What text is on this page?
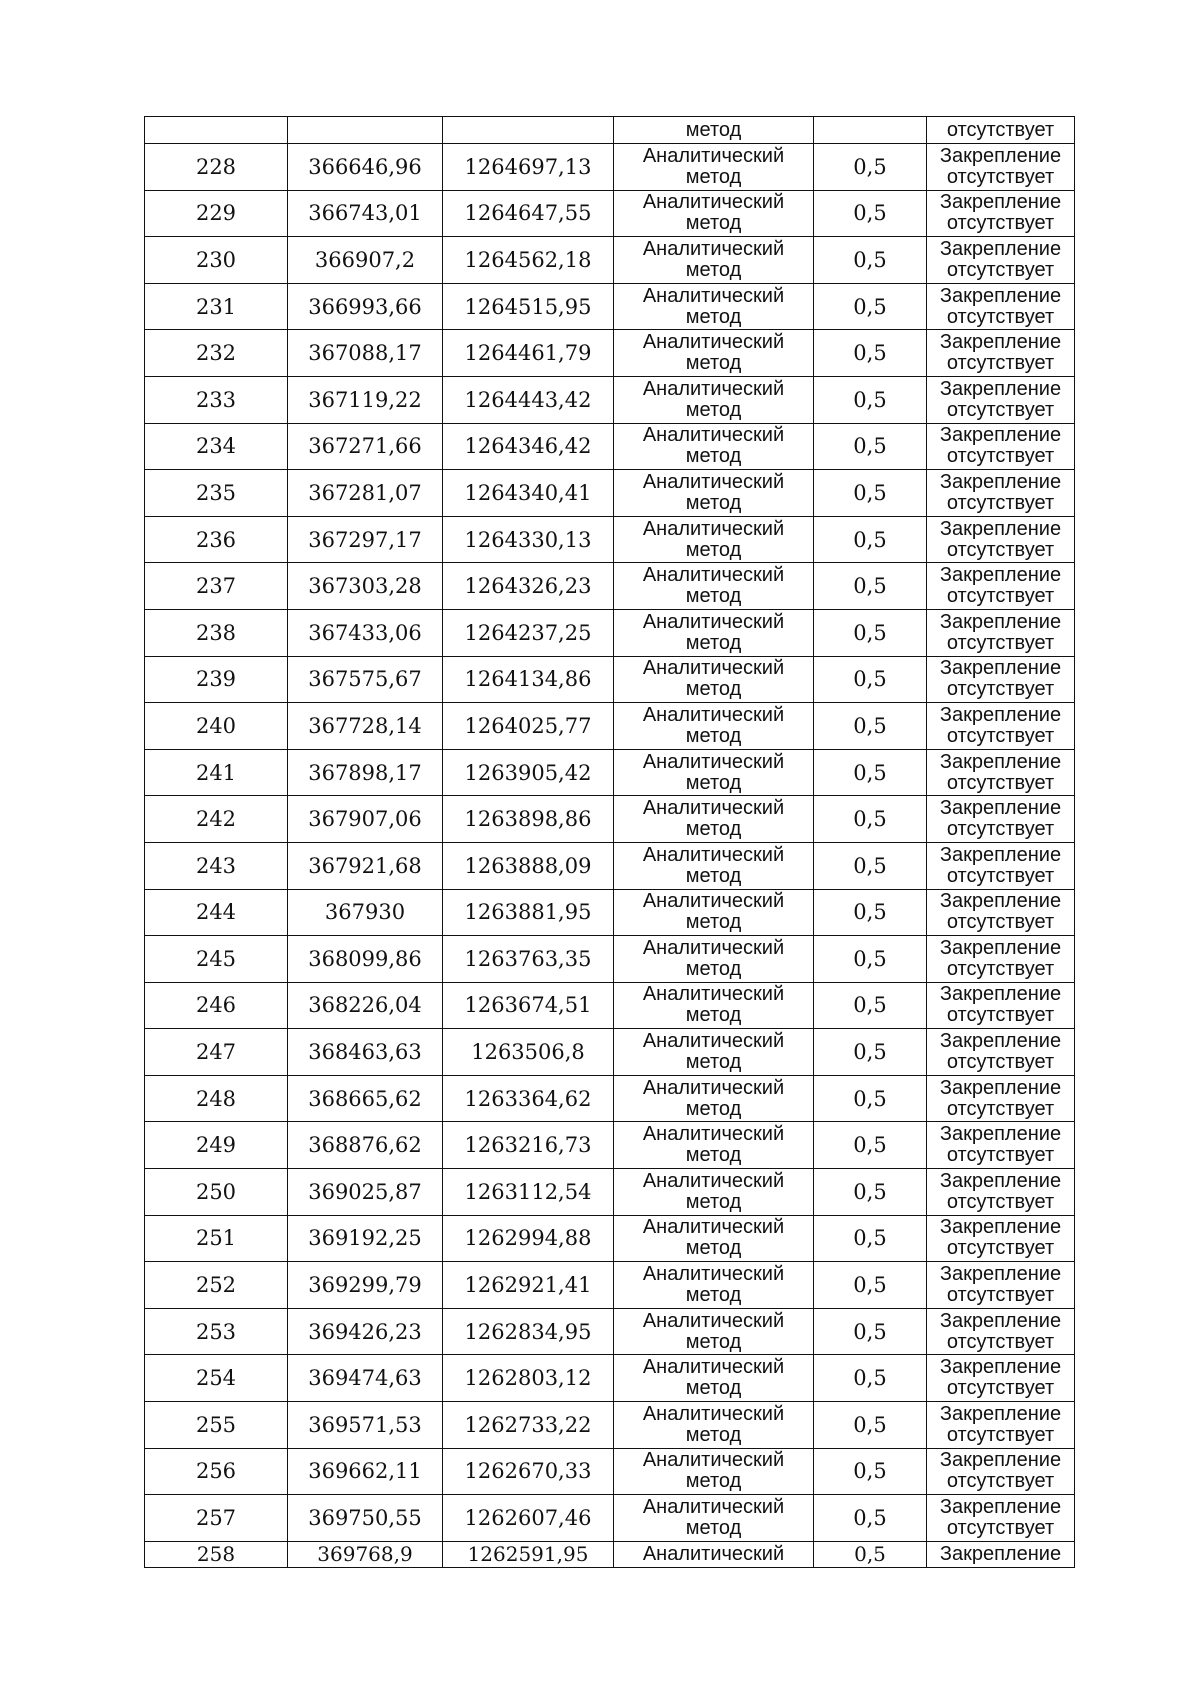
			метод		отсутствует
228	366646,96	1264697,13	Аналитический
метод	0,5	Закрепление
отсутствует

229	366743,01	1264647,55	Аналитический
метод	0,5	Закрепление
отсутствует

230	366907,2	1264562,18	Аналитический
метод	0,5	Закрепление
отсутствует

231	366993,66	1264515,95	Аналитический
метод	0,5	Закрепление
отсутствует

232	367088,17	1264461,79	Аналитический
метод	0,5	Закрепление
отсутствует

233	367119,22	1264443,42	Аналитический
метод	0,5	Закрепление
отсутствует

234	367271,66	1264346,42	Аналитический
метод	0,5	Закрепление
отсутствует

235	367281,07	1264340,41	Аналитический
метод	0,5	Закрепление
отсутствует

236	367297,17	1264330,13	Аналитический
метод	0,5	Закрепление
отсутствует

237	367303,28	1264326,23	Аналитический
метод	0,5	Закрепление
отсутствует

238	367433,06	1264237,25	Аналитический
метод	0,5	Закрепление
отсутствует

239	367575,67	1264134,86	Аналитический
метод	0,5	Закрепление
отсутствует

240	367728,14	1264025,77	Аналитический
метод	0,5	Закрепление
отсутствует

241	367898,17	1263905,42	Аналитический
метод	0,5	Закрепление
отсутствует

242	367907,06	1263898,86	Аналитический
метод	0,5	Закрепление
отсутствует

243	367921,68	1263888,09	Аналитический
метод	0,5	Закрепление
отсутствует

244	367930	1263881,95	Аналитический
метод	0,5	Закрепление
отсутствует

245	368099,86	1263763,35	Аналитический
метод	0,5	Закрепление
отсутствует

246	368226,04	1263674,51	Аналитический
метод	0,5	Закрепление
отсутствует

247	368463,63	1263506,8	Аналитический
метод	0,5	Закрепление
отсутствует

248	368665,62	1263364,62	Аналитический
метод	0,5	Закрепление
отсутствует

249	368876,62	1263216,73	Аналитический
метод	0,5	Закрепление
отсутствует

250	369025,87	1263112,54	Аналитический
метод	0,5	Закрепление
отсутствует

251	369192,25	1262994,88	Аналитический
метод	0,5	Закрепление
отсутствует

252	369299,79	1262921,41	Аналитический
метод	0,5	Закрепление
отсутствует

253	369426,23	1262834,95	Аналитический
метод	0,5	Закрепление
отсутствует

254	369474,63	1262803,12	Аналитический
метод	0,5	Закрепление
отсутствует

255	369571,53	1262733,22	Аналитический
метод	0,5	Закрепление
отсутствует

256	369662,11	1262670,33	Аналитический
метод	0,5	Закрепление
отсутствует

257	369750,55	1262607,46	Аналитический
метод	0,5	Закрепление
отсутствует

258	369768,9	1262591,95	Аналитический	0,5	Закрепление
